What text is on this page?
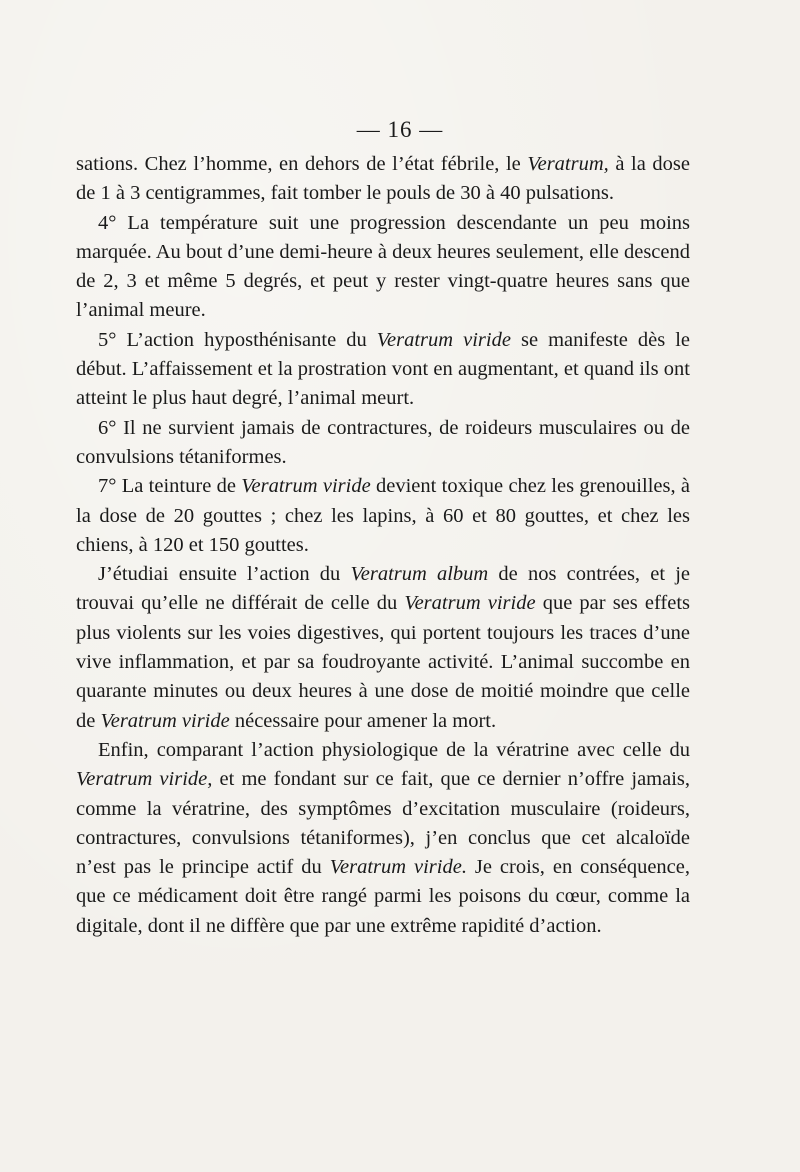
— 16 —

sations. Chez l’homme, en dehors de l’état fébrile, le Veratrum, à la dose de 1 à 3 centigrammes, fait tomber le pouls de 30 à 40 pulsations.

4° La température suit une progression descendante un peu moins marquée. Au bout d’une demi-heure à deux heures seulement, elle descend de 2, 3 et même 5 degrés, et peut y rester vingt-quatre heures sans que l’animal meure.

5° L’action hyposthénisante du Veratrum viride se manifeste dès le début. L’affaissement et la prostration vont en augmentant, et quand ils ont atteint le plus haut degré, l’animal meurt.

6° Il ne survient jamais de contractures, de roideurs musculaires ou de convulsions tétaniformes.

7° La teinture de Veratrum viride devient toxique chez les grenouilles, à la dose de 20 gouttes ; chez les lapins, à 60 et 80 gouttes, et chez les chiens, à 120 et 150 gouttes.

J’étudiai ensuite l’action du Veratrum album de nos contrées, et je trouvai qu’elle ne différait de celle du Veratrum viride que par ses effets plus violents sur les voies digestives, qui portent toujours les traces d’une vive inflammation, et par sa foudroyante activité. L’animal succombe en quarante minutes ou deux heures à une dose de moitié moindre que celle de Veratrum viride nécessaire pour amener la mort.

Enfin, comparant l’action physiologique de la vératrine avec celle du Veratrum viride, et me fondant sur ce fait, que ce dernier n’offre jamais, comme la vératrine, des symptômes d’excitation musculaire (roideurs, contractures, convulsions tétaniformes), j’en conclus que cet alcaloïde n’est pas le principe actif du Veratrum viride. Je crois, en conséquence, que ce médicament doit être rangé parmi les poisons du cœur, comme la digitale, dont il ne diffère que par une extrême rapidité d’action.
